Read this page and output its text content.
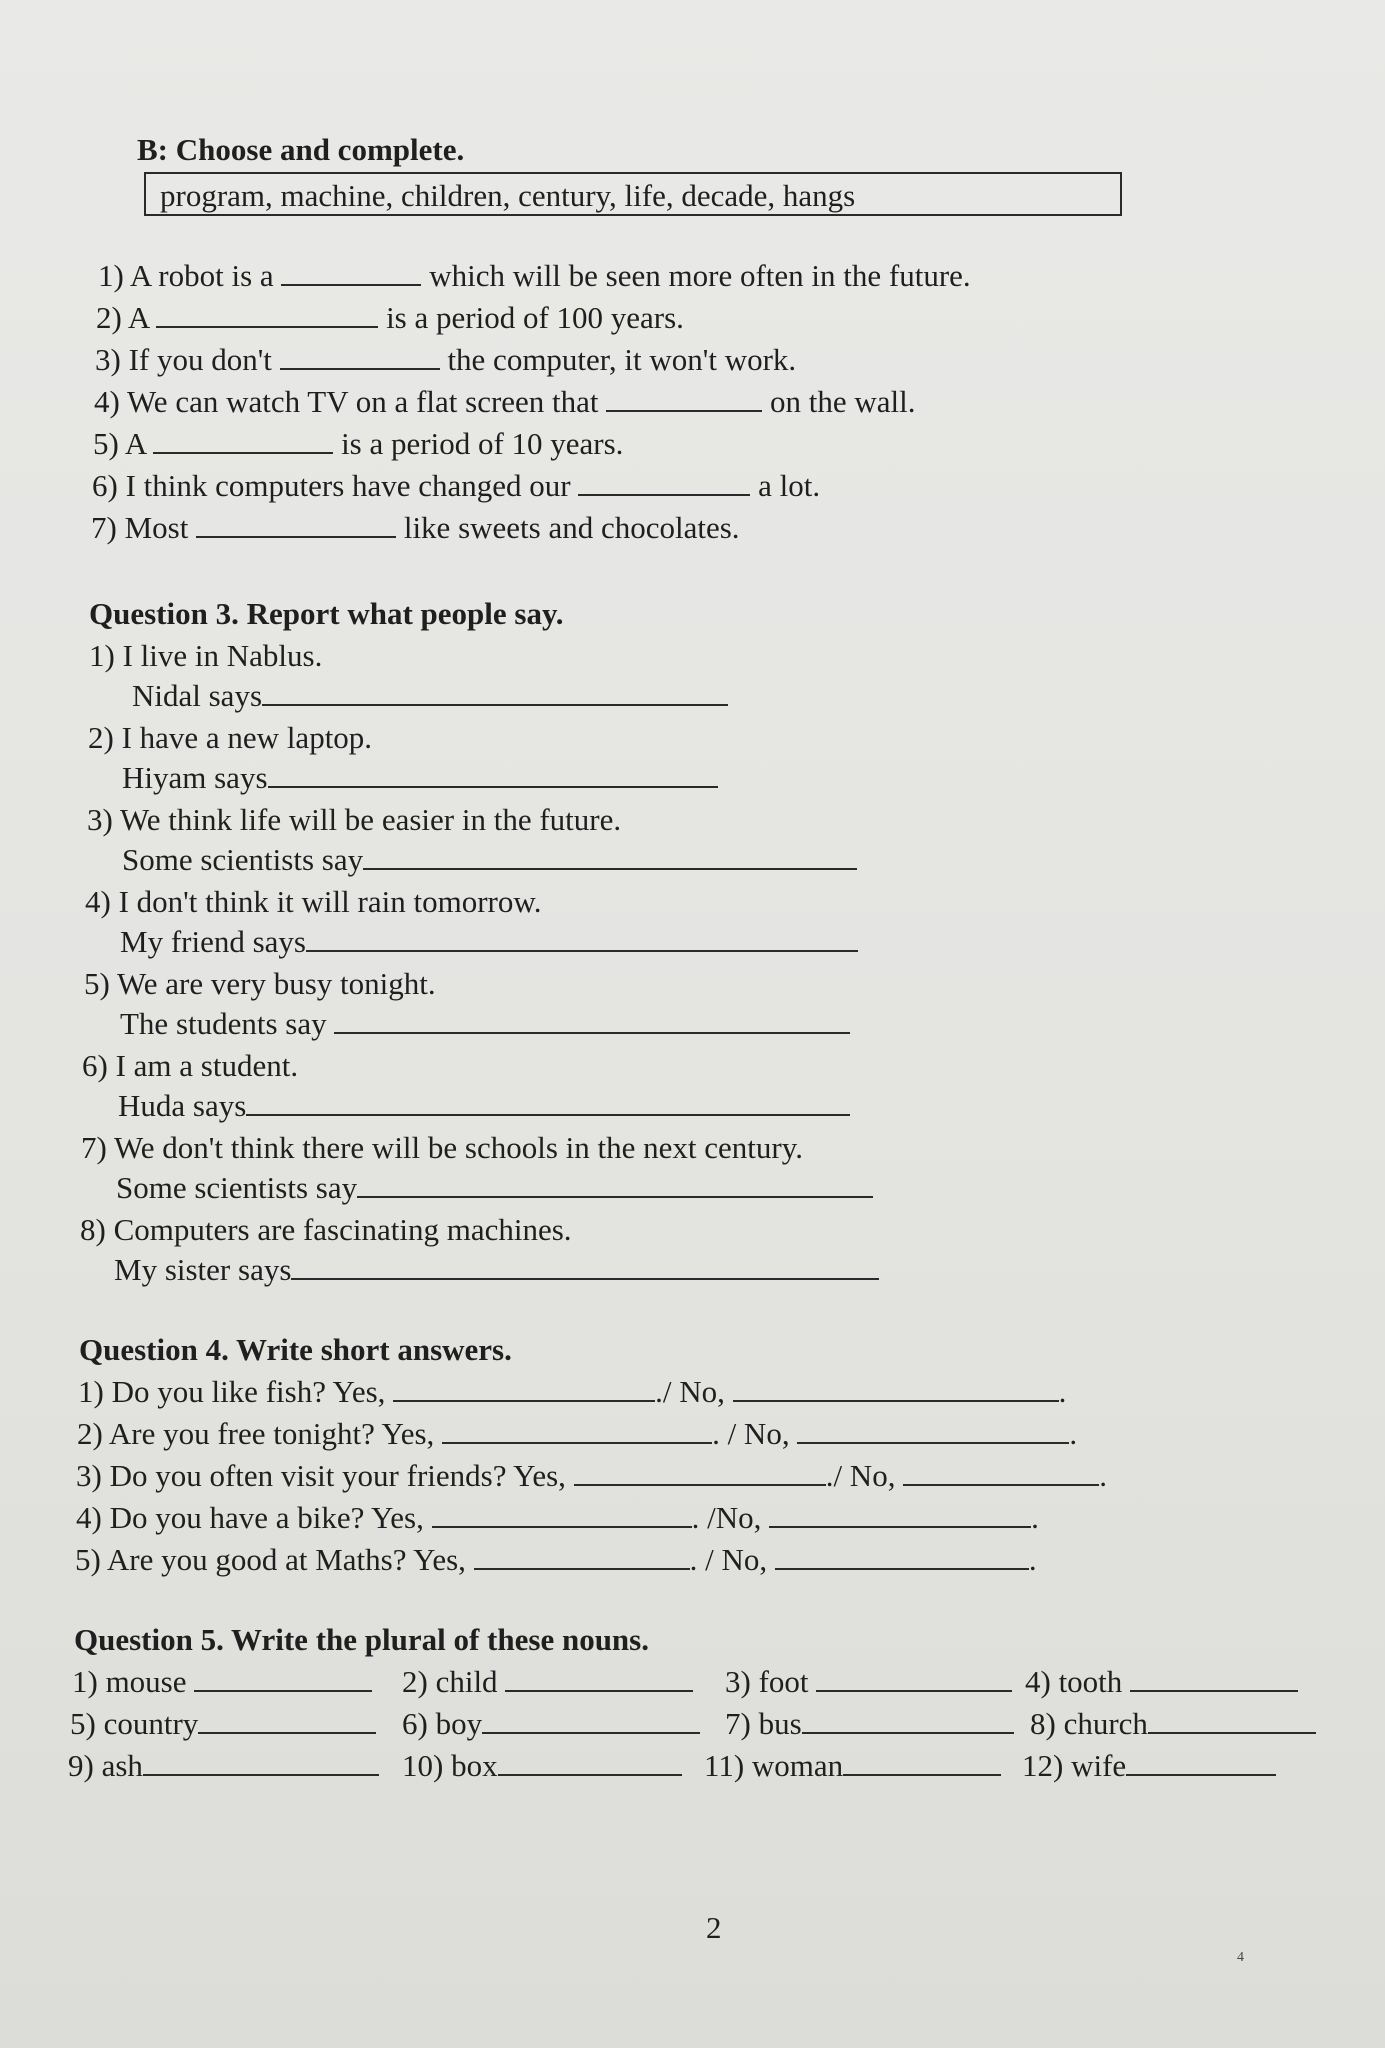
B: Choose and complete.
program, machine, children, century, life, decade, hangs
1) A robot is a	which will be seen more often in the future.
2) A	is a period of 100 years.
3) If you don't	the computer, it won't work.
4) We can watch TV on a flat screen that	on the wall.
5) A	is a period of 10 years.
6) I think computers have changed our	a lot.
7) Most	like sweets and chocolates.
Question 3. Report what people say.
1) I live in Nablus.
Nidal says
2) I have a new laptop.
Hiyam says
3) We think life will be easier in the future.
Some scientists say
4) I don't think it will rain tomorrow.
My friend says
5) We are very busy tonight.
The students say
6) I am a student.
Huda says
7) We don't think there will be schools in the next century.
Some scientists say
8) Computers are fascinating machines.
My sister says
Question 4. Write short answers.
1) Do you like fish? Yes,	./ No,	.
2) Are you free tonight? Yes,	. / No,	.
3) Do you often visit your friends? Yes,	./ No,	.
4) Do you have a bike? Yes,	. /No,	.
5) Are you good at Maths? Yes,	. / No,	.
Question 5. Write the plural of these nouns.
1) mouse	2) child	3) foot	4) tooth
5) country	6) boy	7) bus	8) church
9) ash	10) box	11) woman	12) wife
2
4
